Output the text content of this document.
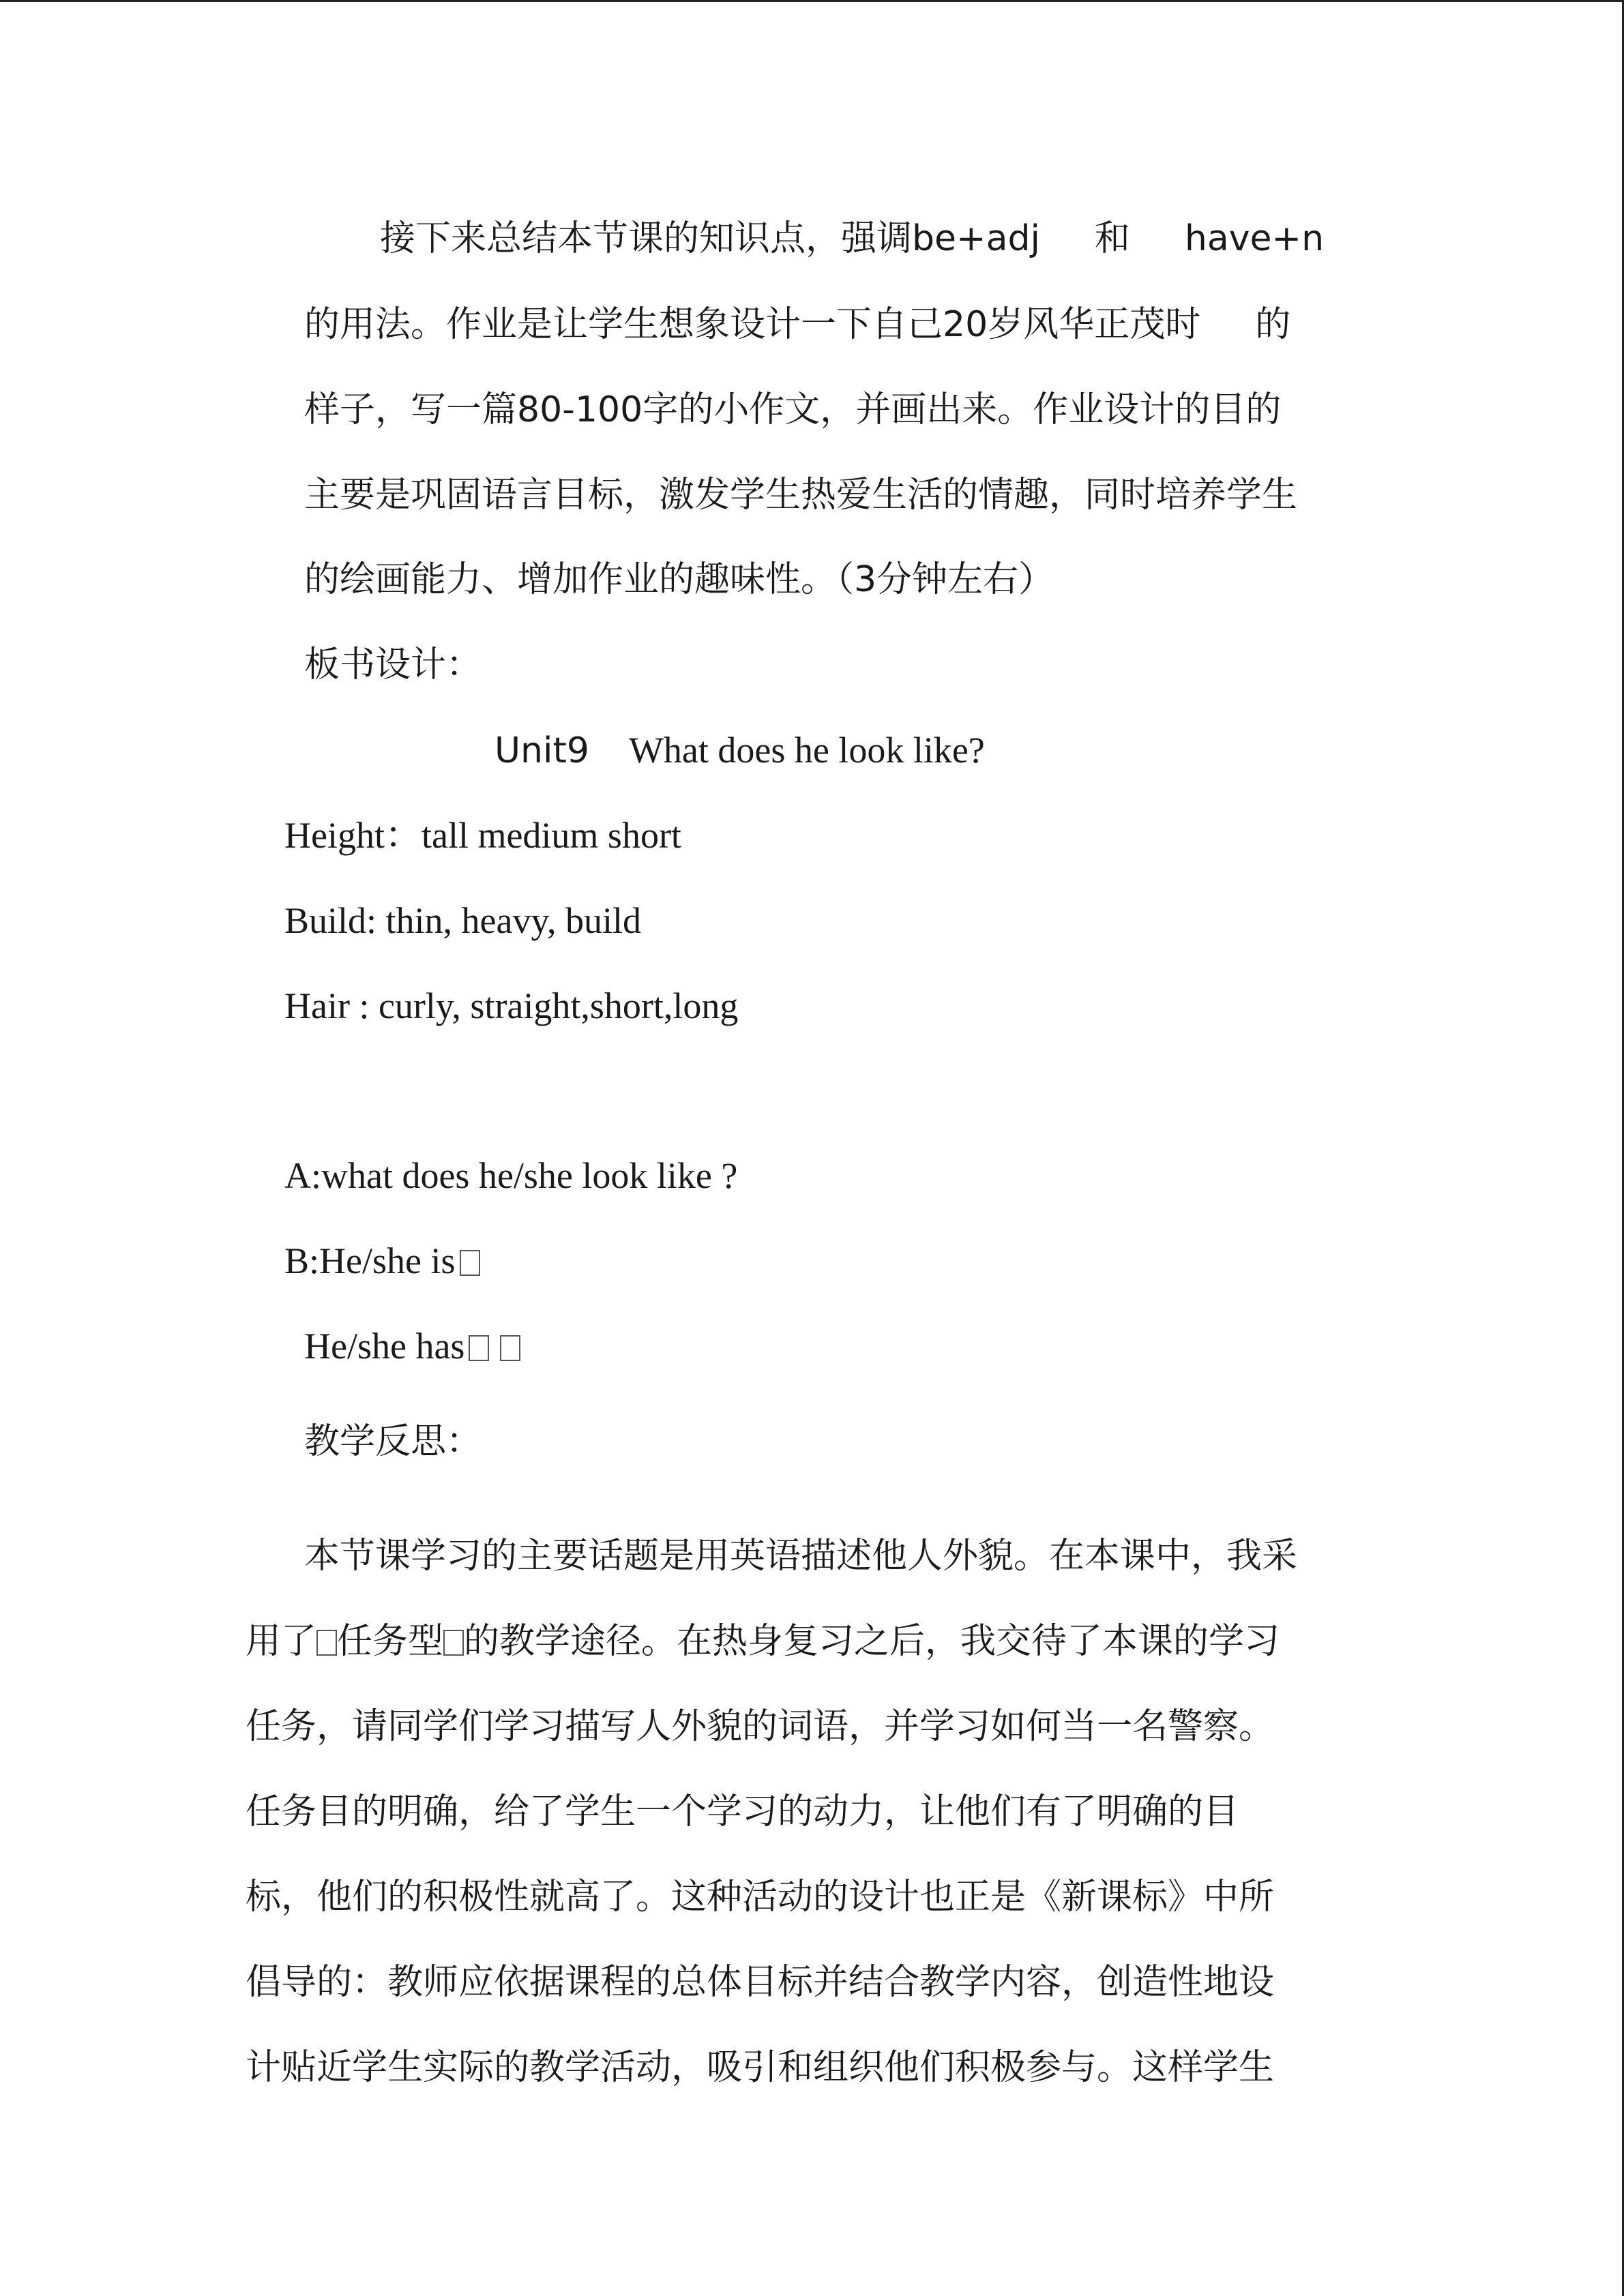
接下来总结本节课的知识点，强调be+adj 和 have+n
的用法。作业是让学生想象设计一下自己20岁风华正茂时 的
样子，写一篇80-100字的小作文，并画出来。作业设计的目的
主要是巩固语言目标，激发学生热爱生活的情趣，同时培养学生
的绘画能力、增加作业的趣味性。（3分钟左右）
板书设计：
Unit9 What does he look like?
Height：tall medium short
Build: thin, heavy, build
Hair : curly, straight,short,long
A:what does he/she look like ?
B:He/she is
He/she has
教学反思：
本节课学习的主要话题是用英语描述他人外貌。在本课中，我采
用了 任务型 的教学途径。在热身复习之后，我交待了本课的学习
任务，请同学们学习描写人外貌的词语，并学习如何当一名警察。
任务目的明确，给了学生一个学习的动力，让他们有了明确的目
标，他们的积极性就高了。这种活动的设计也正是《新课标》中所
倡导的：教师应依据课程的总体目标并结合教学内容，创造性地设
计贴近学生实际的教学活动，吸引和组织他们积极参与。这样学生
